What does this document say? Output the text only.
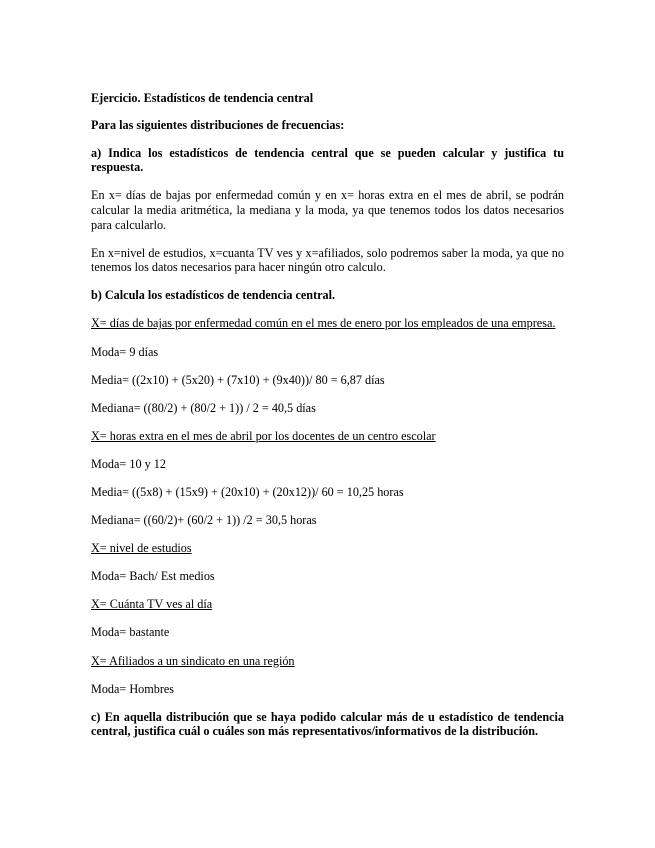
Ejercicio. Estadísticos de tendencia central

Para las siguientes distribuciones de frecuencias:

a) Indica los estadísticos de tendencia central que se pueden calcular y justifica tu respuesta.

En x= días de bajas por enfermedad común y en x= horas extra en el mes de abril, se podrán calcular la media aritmética, la mediana y la moda, ya que tenemos todos los datos necesarios para calcularlo.

En x=nivel de estudios, x=cuanta TV ves y x=afiliados, solo podremos saber la moda, ya que no tenemos los datos necesarios para hacer ningún otro calculo.

b) Calcula los estadísticos de tendencia central.

X= días de bajas por enfermedad común en el mes de enero por los empleados de una empresa.

Moda= 9 días

Media= ((2x10) + (5x20) + (7x10) + (9x40))/ 80 = 6,87 días

Mediana= ((80/2) + (80/2 + 1)) / 2 = 40,5 días

X= horas extra en el mes de abril por los docentes de un centro escolar

Moda= 10 y 12

Media= ((5x8) + (15x9) + (20x10) + (20x12))/ 60 = 10,25 horas

Mediana= ((60/2)+ (60/2 + 1)) /2 = 30,5 horas

X= nivel de estudios

Moda= Bach/ Est medios

X= Cuánta TV ves al día

Moda= bastante

X= Afiliados a un sindicato en una región

Moda= Hombres

c) En aquella distribución que se haya podido calcular más de u estadístico de tendencia central, justifica cuál o cuáles son más representativos/informativos de la distribución.
